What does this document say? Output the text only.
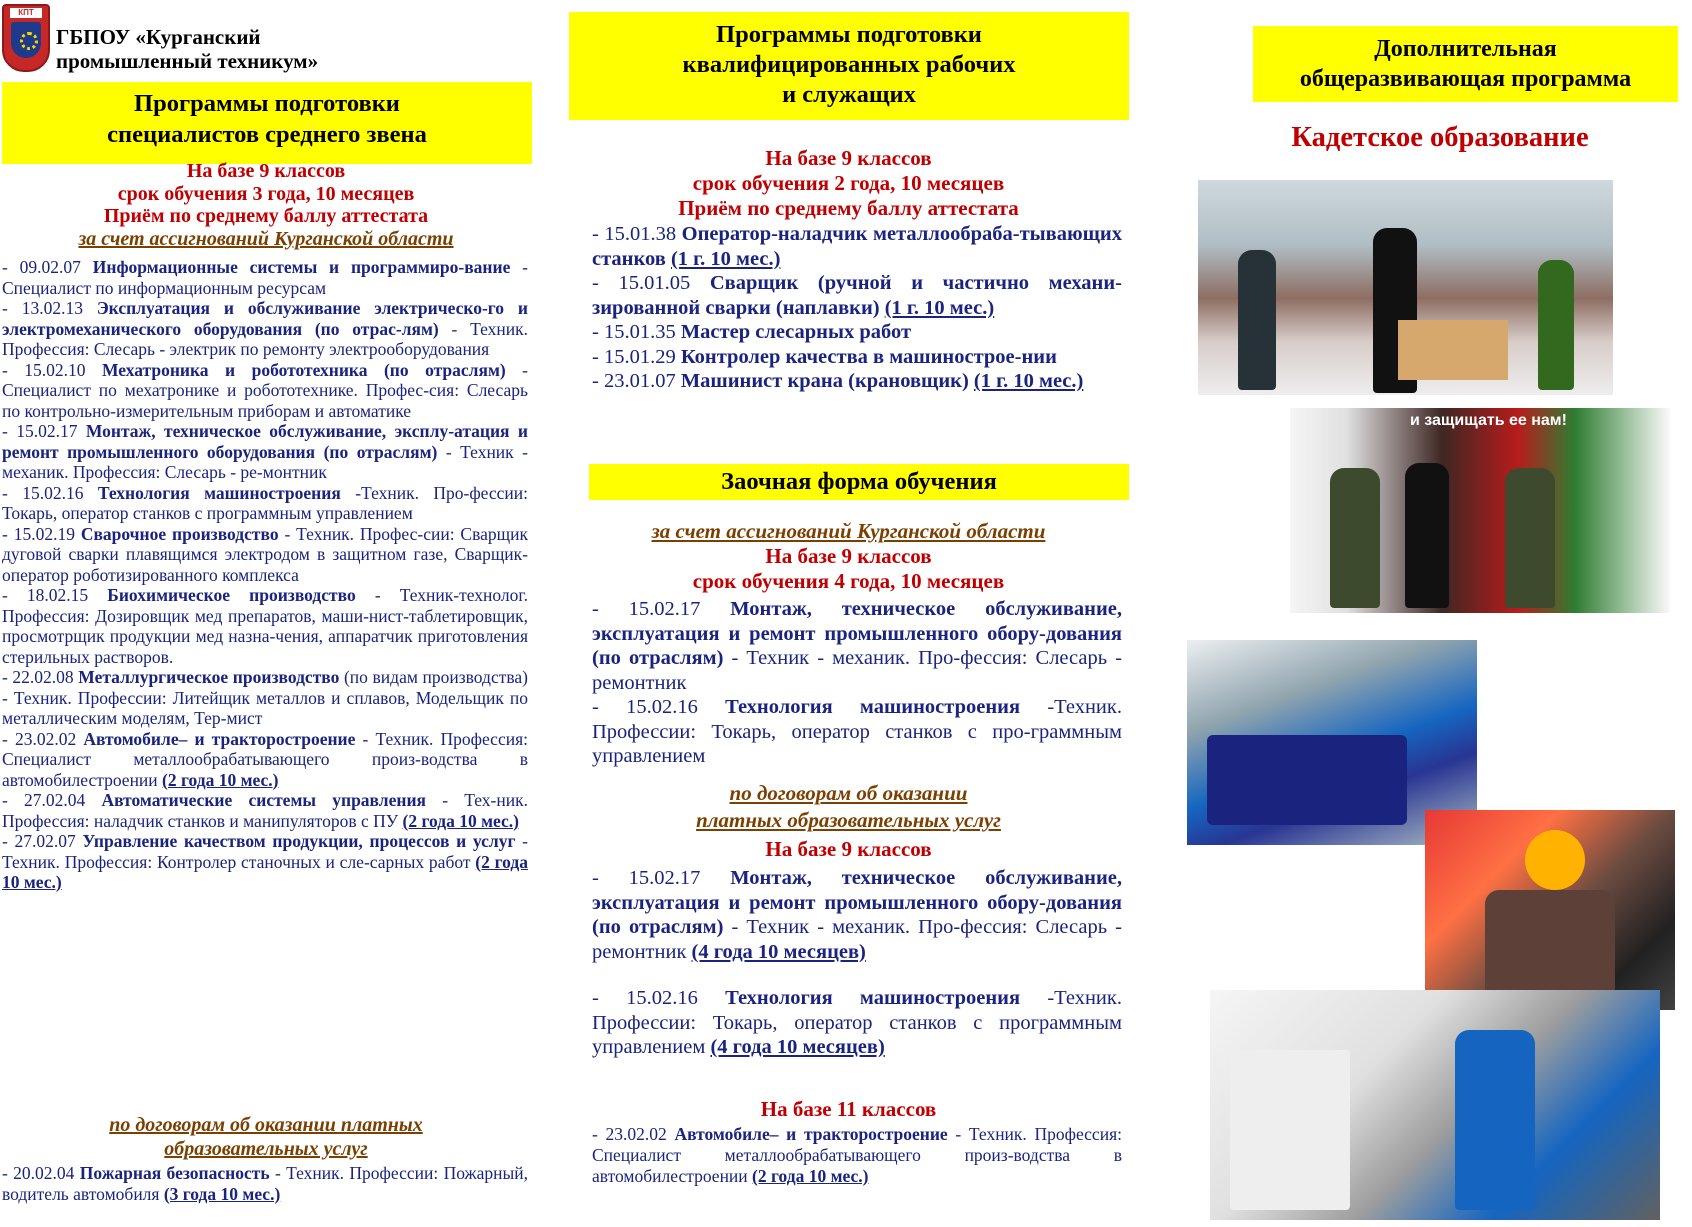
КПТ
ГБПОУ «Курганский
промышленный техникум»
Программы подготовки
специалистов среднего звена
На базе 9 классов
срок обучения 3 года, 10 месяцев
Приём по среднему баллу аттестата
за счет ассигнований Курганской области
- 09.02.07 Информационные системы и программиро-вание - Специалист по информационным ресурсам
- 13.02.13 Эксплуатация и обслуживание электрическо-го и электромеханического оборудования (по отрас-лям) - Техник. Профессия: Слесарь - электрик по ремонту электрооборудования
- 15.02.10 Мехатроника и робототехника (по отраслям) - Специалист по мехатронике и робототехнике. Профес-сия: Слесарь по контрольно-измерительным приборам и автоматике
- 15.02.17 Монтаж, техническое обслуживание, эксплу-атация и ремонт промышленного оборудования (по отраслям) - Техник - механик. Профессия: Слесарь - ре-монтник
- 15.02.16 Технология машиностроения -Техник. Про-фессии: Токарь, оператор станков с программным управлением
- 15.02.19 Сварочное производство - Техник. Профес-сии: Сварщик дуговой сварки плавящимся электродом в защитном газе, Сварщик-оператор роботизированного комплекса
- 18.02.15 Биохимическое производство - Техник-технолог. Профессия: Дозировщик мед препаратов, маши-нист-таблетировщик, просмотрщик продукции мед назна-чения, аппаратчик приготовления стерильных растворов.
- 22.02.08 Металлургическое производство (по видам производства) - Техник. Профессии: Литейщик металлов и сплавов, Модельщик по металлическим моделям, Тер-мист
- 23.02.02 Автомобиле– и тракторостроение - Техник. Профессия: Специалист металлообрабатывающего произ-водства в автомобилестроении (2 года 10 мес.)
- 27.02.04 Автоматические системы управления - Тех-ник. Профессия: наладчик станков и манипуляторов с ПУ (2 года 10 мес.)
- 27.02.07 Управление качеством продукции, процессов и услуг - Техник. Профессия: Контролер станочных и сле-сарных работ (2 года 10 мес.)
по договорам об оказании платных
образовательных услуг
- 20.02.04 Пожарная безопасность - Техник. Профессии: Пожарный, водитель автомобиля (3 года 10 мес.)
Программы подготовки
квалифицированных рабочих
и служащих
На базе 9 классов
срок обучения 2 года, 10 месяцев
Приём по среднему баллу аттестата
- 15.01.38 Оператор-наладчик металлообраба-тывающих станков (1 г. 10 мес.)
- 15.01.05 Сварщик (ручной и частично механи-зированной сварки (наплавки) (1 г. 10 мес.)
- 15.01.35 Мастер слесарных работ
- 15.01.29 Контролер качества в машинострое-нии
- 23.01.07 Машинист крана (крановщик) (1 г. 10 мес.)
Заочная форма обучения
за счет ассигнований Курганской области
На базе 9 классов
срок обучения 4 года, 10 месяцев
- 15.02.17 Монтаж, техническое обслуживание, эксплуатация и ремонт промышленного обору-дования (по отраслям) - Техник - механик. Про-фессия: Слесарь - ремонтник
- 15.02.16 Технология машиностроения -Техник. Профессии: Токарь, оператор станков с про-граммным управлением
по договорам об оказании
платных образовательных услуг
На базе 9 классов
- 15.02.17 Монтаж, техническое обслуживание, эксплуатация и ремонт промышленного обору-дования (по отраслям) - Техник - механик. Про-фессия: Слесарь - ремонтник (4 года 10 месяцев)
- 15.02.16 Технология машиностроения -Техник. Профессии: Токарь, оператор станков с программным управлением (4 года 10 месяцев)
На базе 11 классов
- 23.02.02 Автомобиле– и тракторостроение - Техник. Профессия: Специалист металлообрабатывающего произ-водства в автомобилестроении (2 года 10 мес.)
Дополнительная
общеразвивающая программа
Кадетское образование
и защищать ее нам!
